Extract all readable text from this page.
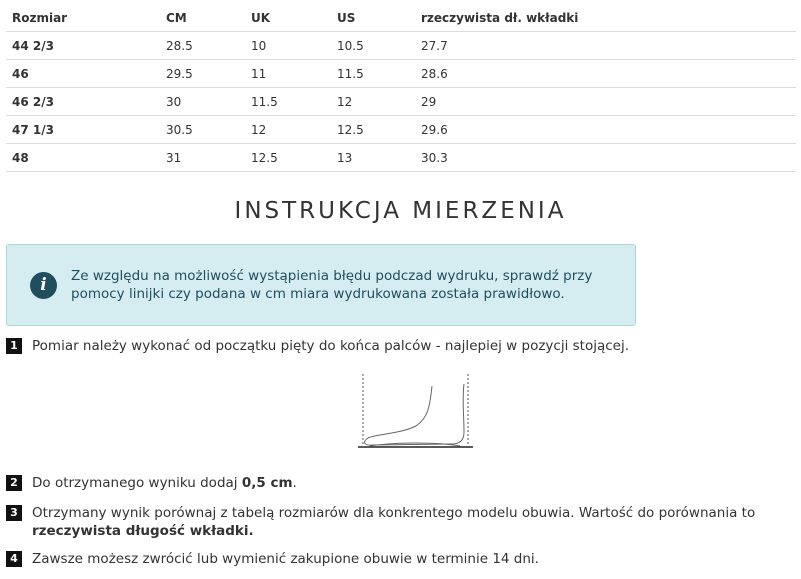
Rozmiar	CM	UK	US	rzeczywista dł. wkładki
44 2/3	28.5	10	10.5	27.7
46	29.5	11	11.5	28.6
46 2/3	30	11.5	12	29
47 1/3	30.5	12	12.5	29.6
48	31	12.5	13	30.3
INSTRUKCJA MIERZENIA
i	Ze względu na możliwość wystąpienia błędu podczad wydruku, sprawdź przy pomocy linijki czy podana w cm miara wydrukowana została prawidłowo.
1	Pomiar należy wykonać od początku pięty do końca palców - najlepiej w pozycji stojącej.
2	Do otrzymanego wyniku dodaj 0,5 cm.
3	Otrzymany wynik porównaj z tabelą rozmiarów dla konkrentego modelu obuwia. Wartość do porównania to rzeczywista długość wkładki.
4	Zawsze możesz zwrócić lub wymienić zakupione obuwie w terminie 14 dni.
